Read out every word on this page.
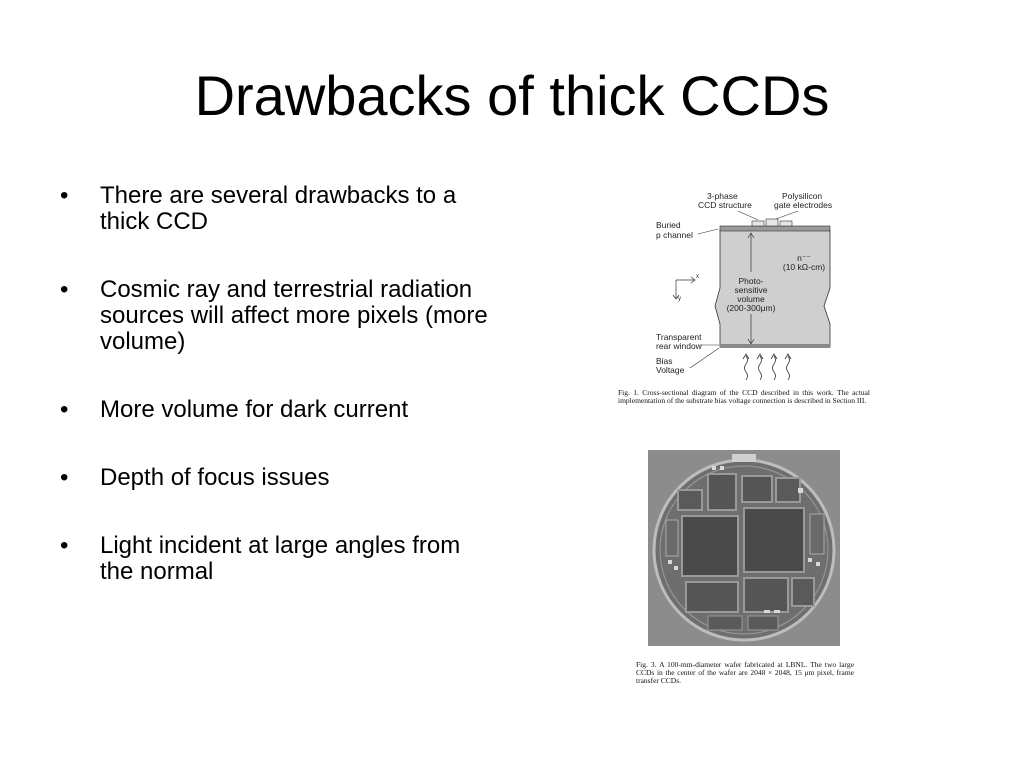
Drawbacks of thick CCDs
• There are several drawbacks to a thick CCD
• Cosmic ray and terrestrial radiation sources will affect more pixels (more volume)
• More volume for dark current
• Depth of focus issues
• Light incident at large angles from the normal
3-phase
CCD structure
Polysilicon
gate electrodes
Buried
p channel
x
y
Photo-
sensitive
volume
(200-300μm)
n⁻⁻
(10 kΩ-cm)
Transparent
rear window
Bias
Voltage
Fig. 1. Cross-sectional diagram of the CCD described in this work. The actual implementation of the substrate bias voltage connection is described in Section III.
Fig. 3. A 100-mm-diameter wafer fabricated at LBNL. The two large CCDs in the center of the wafer are 2048 × 2048, 15 μm pixel, frame transfer CCDs.
